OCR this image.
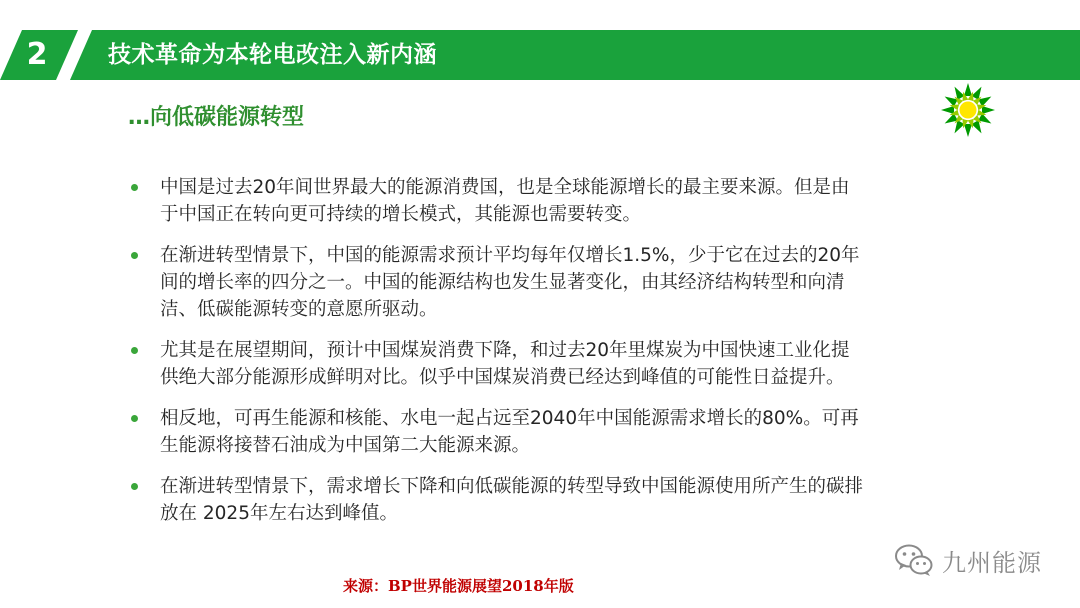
2	技术革命为本轮电改注入新内涵
…向低碳能源转型
中国是过去20年间世界最大的能源消费国，也是全球能源增长的最主要来源。但是由
于中国正在转向更可持续的增长模式，其能源也需要转变。
在渐进转型情景下，中国的能源需求预计平均每年仅增长1.5%，少于它在过去的20年
间的增长率的四分之一。中国的能源结构也发生显著变化，由其经济结构转型和向清
洁、低碳能源转变的意愿所驱动。
尤其是在展望期间，预计中国煤炭消费下降，和过去20年里煤炭为中国快速工业化提
供绝大部分能源形成鲜明对比。似乎中国煤炭消费已经达到峰值的可能性日益提升。
相反地，可再生能源和核能、水电一起占远至2040年中国能源需求增长的80%。可再
生能源将接替石油成为中国第二大能源来源。
在渐进转型情景下，需求增长下降和向低碳能源的转型导致中国能源使用所产生的碳排
放在 2025年左右达到峰值。
九州能源
来源：BP世界能源展望2018年版
